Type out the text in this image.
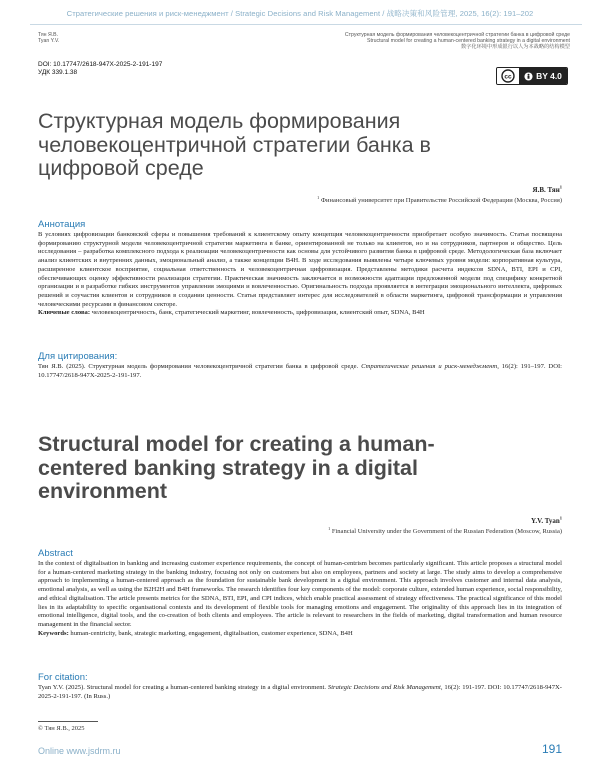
Стратегические решения и риск-менеджмент / Strategic Decisions and Risk Management / 战略决策和风险管理, 2025, 16(2): 191–202
Тян Я.В.
Tyan Y.V.
Структурная модель формирования человекоцентричной стратегии банка в цифровой среде
Structural model for creating a human-centered banking strategy in a digital environment
数字化环境中形成银行以人为本战略的结构模型
DOI: 10.17747/2618-947X-2025-2-191-197
УДК 339.1.38
cc	BY 4.0
Структурная модель формирования человекоцентричной стратегии банка в цифровой среде
Я.В. Тян$^1$
$^1$ Финансовый университет при Правительстве Российской Федерации (Москва, Россия)
Аннотация
В условиях цифровизации банковской сферы и повышения требований к клиентскому опыту концепция человекоцентричности приобретает особую значимость. Статья посвящена формированию структурной модели человекоцентричной стратегии маркетинга в банке, ориентированной не только на клиентов, но и на сотрудников, партнеров и общество. Цель исследования – разработка комплексного подхода к реализации человекоцентричности как основы для устойчивого развития банка в цифровой среде. Методологическая база включает анализ клиентских и внутренних данных, эмоциональный анализ, а также концепции B4H. В ходе исследования выявлены четыре ключевых уровня модели: корпоративная культура, расширенное клиентское восприятие, социальная ответственность и человекоцентричная цифровизация. Представлены методики расчета индексов SDNA, BTI, EPI и CPI, обеспечивающих оценку эффективности реализации стратегии. Практическая значимость заключается в возможности адаптации предложенной модели под специфику конкретной организации и в разработке гибких инструментов управления эмоциями и вовлеченностью. Оригинальность подхода проявляется в интеграции эмоционального интеллекта, цифровых решений и соучастия клиентов и сотрудников в создании ценности. Статья представляет интерес для исследователей в области маркетинга, цифровой трансформации и управления человеческими ресурсами в финансовом секторе.
Ключевые слова: человекоцентричность, банк, стратегический маркетинг, вовлеченность, цифровизация, клиентский опыт, SDNA, B4H
Для цитирования:
Тян Я.В. (2025). Структурная модель формирования человекоцентричной стратегии банка в цифровой среде. Стратегические решения и риск-менеджмент, 16(2): 191–197. DOI: 10.17747/2618-947X-2025-2-191-197.
Structural model for creating a human-centered banking strategy in a digital environment
Y.V. Tyan$^1$
$^1$ Financial University under the Government of the Russian Federation (Moscow, Russia)
Abstract
In the context of digitalisation in banking and increasing customer experience requirements, the concept of human-centrism becomes particularly significant. This article proposes a structural model for a human-centered marketing strategy in the banking industry, focusing not only on customers but also on employees, partners and society at large. The study aims to develop a comprehensive approach to implementing a human-centered approach as the foundation for sustainable bank development in a digital environment. This approach involves customer and internal data analysis, emotional analysis, as well as using the B2H2H and B4H frameworks. The research identifies four key components of the model: corporate culture, extended human experience, social responsibility, and ethical digitalisation. The article presents metrics for the SDNA, BTI, EPI, and CPI indices, which enable practical assessment of strategy effectiveness. The practical significance of this model lies in its adaptability to specific organisational contexts and its development of flexible tools for managing emotions and engagement. The originality of this approach lies in its integration of emotional intelligence, digital tools, and the co-creation of both clients and employees. The article is relevant to researchers in the fields of marketing, digital transformation and human resource management in the financial sector.
Keywords: human-centricity, bank, strategic marketing, engagement, digitalisation, customer experience, SDNA, B4H
For citation:
Tyan Y.V. (2025). Structural model for creating a human-centered banking strategy in a digital environment. Strategic Decisions and Risk Management, 16(2): 191-197. DOI: 10.17747/2618-947X-2025-2-191-197. (In Russ.)
© Тян Я.В., 2025
Online www.jsdrm.ru	191
